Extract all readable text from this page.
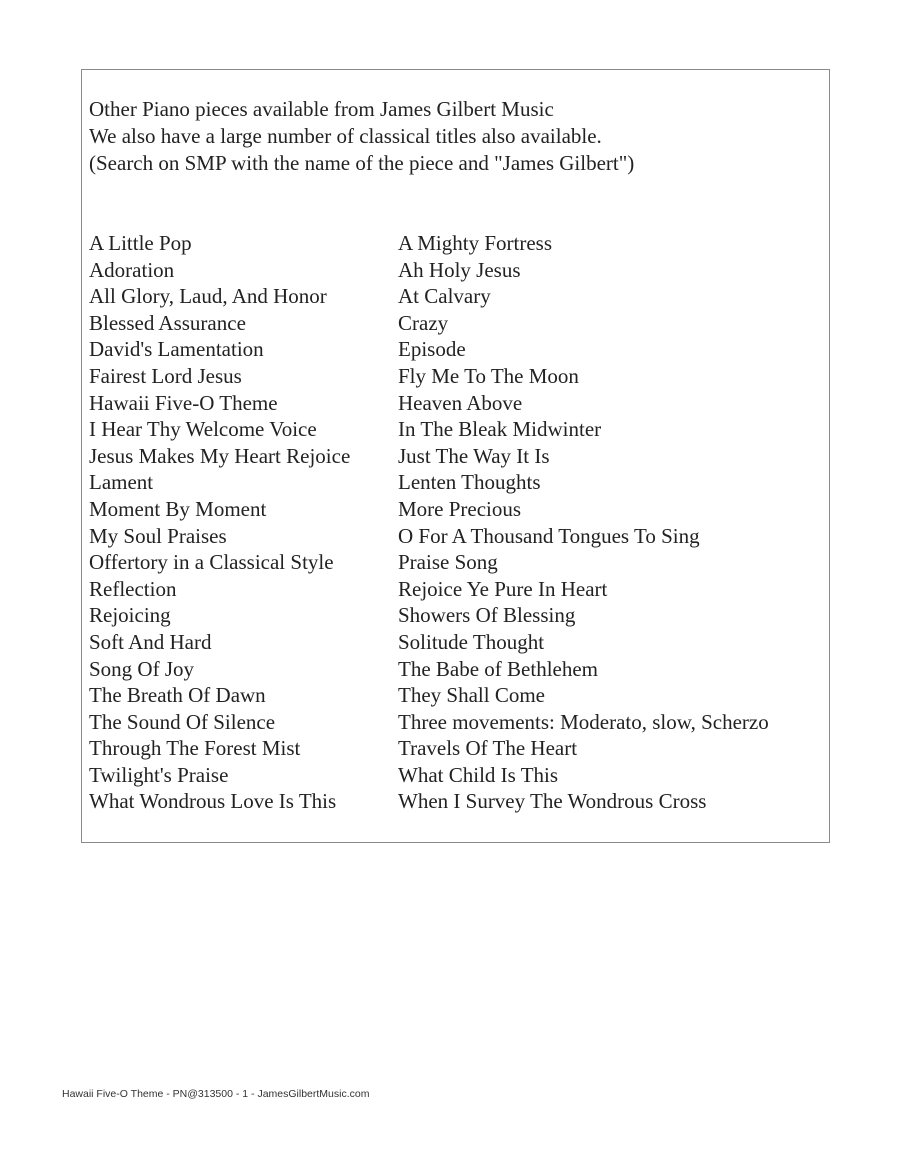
Other Piano pieces available from James Gilbert Music
We also have a large number of classical titles also available.
(Search on SMP with the name of the piece and "James Gilbert")
A Little Pop
Adoration
All Glory, Laud, And Honor
Blessed Assurance
David's Lamentation
Fairest Lord Jesus
Hawaii Five-O Theme
I Hear Thy Welcome Voice
Jesus Makes My Heart Rejoice
Lament
Moment By Moment
My Soul Praises
Offertory in a Classical Style
Reflection
Rejoicing
Soft And Hard
Song Of Joy
The Breath Of Dawn
The Sound Of Silence
Through The Forest Mist
Twilight's Praise
What Wondrous Love Is This
A Mighty Fortress
Ah Holy Jesus
At Calvary
Crazy
Episode
Fly Me To The Moon
Heaven Above
In The Bleak Midwinter
Just The Way It Is
Lenten Thoughts
More Precious
O For A Thousand Tongues To Sing
Praise Song
Rejoice Ye Pure In Heart
Showers Of Blessing
Solitude Thought
The Babe of Bethlehem
They Shall Come
Three movements: Moderato, slow, Scherzo
Travels Of The Heart
What Child Is This
When I Survey The Wondrous Cross
Hawaii Five-O Theme - PN@313500 - 1 - JamesGilbertMusic.com
